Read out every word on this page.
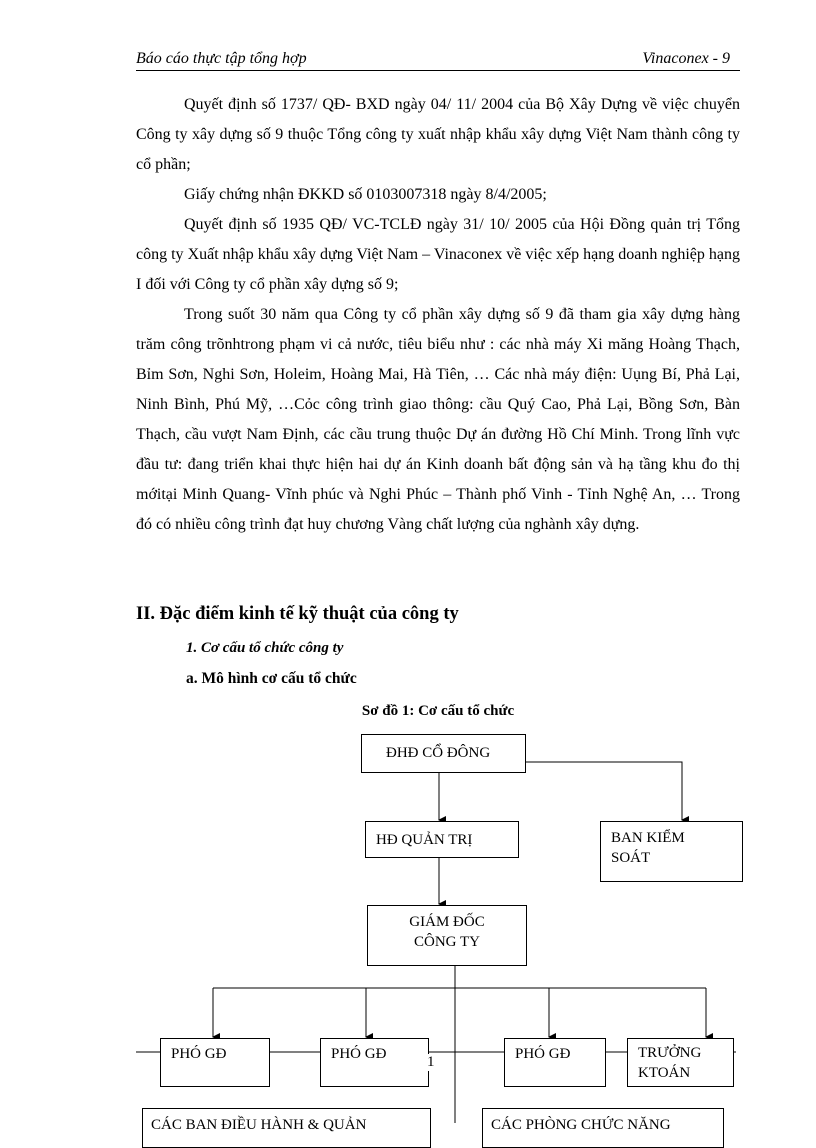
Báo cáo thực tập tổng hợp	Vinaconex - 9

Quyết định số 1737/ QĐ- BXD ngày 04/ 11/ 2004 của Bộ Xây Dựng về việc chuyển Công ty xây dựng số 9 thuộc Tổng công ty xuất nhập khẩu xây dựng Việt Nam thành công ty cổ phần;

Giấy chứng nhận ĐKKD số 0103007318 ngày 8/4/2005;

Quyết định số 1935 QĐ/ VC-TCLĐ ngày 31/ 10/ 2005 của Hội Đồng quản trị Tổng công ty Xuất nhập khẩu xây dựng Việt Nam – Vinaconex về việc xếp hạng doanh nghiệp hạng I đối với Công ty cổ phần xây dựng số 9;

Trong suốt 30 năm qua Công ty cổ phần xây dựng số 9 đã tham gia xây dựng hàng trăm công trõnhtrong phạm vi cả nước, tiêu biểu như : các nhà máy Xi măng Hoàng Thạch, Bỉm Sơn, Nghi Sơn, Holeim, Hoàng Mai, Hà Tiên, … Các nhà máy điện: Uụng Bí, Phả Lại, Ninh Bình, Phú Mỹ, …Cỏc công trình giao thông: cầu Quý Cao, Phả Lại, Bồng Sơn, Bàn Thạch, cầu vượt Nam Định, các cầu trung thuộc Dự án đường Hồ Chí Minh. Trong lĩnh vực đầu tư: đang triển khai thực hiện hai dự án Kinh doanh bất động sản và hạ tầng khu đo thị mớitại Minh Quang- Vĩnh phúc và Nghi Phúc – Thành phố Vinh - Tỉnh Nghệ An, … Trong đó có nhiều công trình đạt huy chương Vàng chất lượng của nghành xây dựng.

II. Đặc điểm kinh tế kỹ thuật của công ty
1. Cơ cấu tổ chức công ty
a. Mô hình cơ cấu tổ chức
Sơ đồ 1: Cơ cấu tổ chức
ĐHĐ CỔ ĐÔNG
HĐ QUẢN TRỊ	BAN KIỂM
SOÁT
GIÁM ĐỐC
CÔNG TY
PHÓ GĐ	PHÓ GĐ	PHÓ GĐ	TRƯỞNG
KTOÁN
CÁC BAN ĐIỀU HÀNH & QUẢN	CÁC PHÒNG CHỨC NĂNG
1
